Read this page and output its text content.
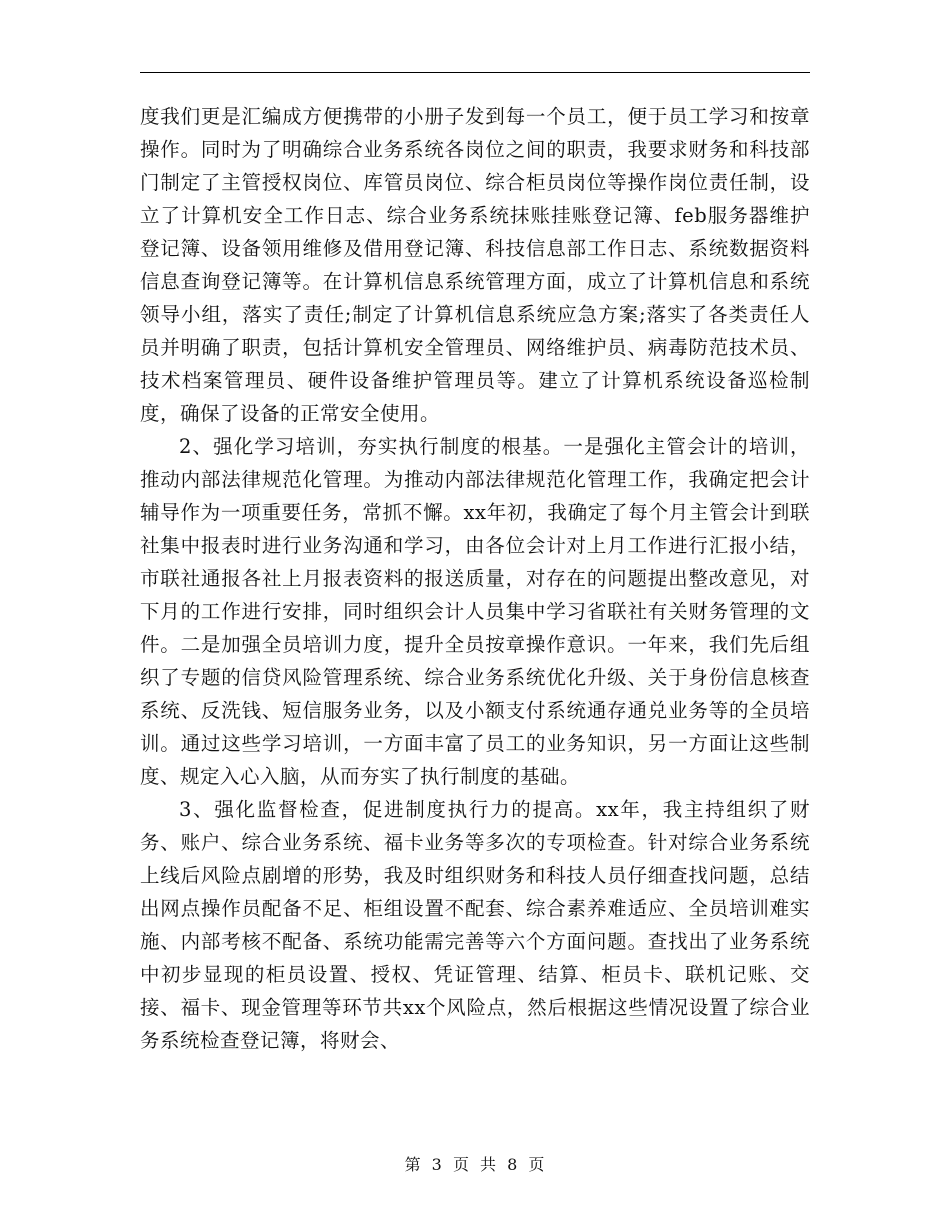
度我们更是汇编成方便携带的小册子发到每一个员工，便于员工学习和按章操作。同时为了明确综合业务系统各岗位之间的职责，我要求财务和科技部门制定了主管授权岗位、库管员岗位、综合柜员岗位等操作岗位责任制，设立了计算机安全工作日志、综合业务系统抹账挂账登记簿、feb服务器维护登记簿、设备领用维修及借用登记簿、科技信息部工作日志、系统数据资料信息查询登记簿等。在计算机信息系统管理方面，成立了计算机信息和系统领导小组，落实了责任;制定了计算机信息系统应急方案;落实了各类责任人员并明确了职责，包括计算机安全管理员、网络维护员、病毒防范技术员、技术档案管理员、硬件设备维护管理员等。建立了计算机系统设备巡检制度，确保了设备的正常安全使用。

2、强化学习培训，夯实执行制度的根基。一是强化主管会计的培训，推动内部法律规范化管理。为推动内部法律规范化管理工作，我确定把会计辅导作为一项重要任务，常抓不懈。xx年初，我确定了每个月主管会计到联社集中报表时进行业务沟通和学习，由各位会计对上月工作进行汇报小结，市联社通报各社上月报表资料的报送质量，对存在的问题提出整改意见，对下月的工作进行安排，同时组织会计人员集中学习省联社有关财务管理的文件。二是加强全员培训力度，提升全员按章操作意识。一年来，我们先后组织了专题的信贷风险管理系统、综合业务系统优化升级、关于身份信息核查系统、反洗钱、短信服务业务，以及小额支付系统通存通兑业务等的全员培训。通过这些学习培训，一方面丰富了员工的业务知识，另一方面让这些制度、规定入心入脑，从而夯实了执行制度的基础。

3、强化监督检查，促进制度执行力的提高。xx年，我主持组织了财务、账户、综合业务系统、福卡业务等多次的专项检查。针对综合业务系统上线后风险点剧增的形势，我及时组织财务和科技人员仔细查找问题，总结出网点操作员配备不足、柜组设置不配套、综合素养难适应、全员培训难实施、内部考核不配备、系统功能需完善等六个方面问题。查找出了业务系统中初步显现的柜员设置、授权、凭证管理、结算、柜员卡、联机记账、交接、福卡、现金管理等环节共xx个风险点，然后根据这些情况设置了综合业务系统检查登记簿，将财会、

第 3 页 共 8 页
